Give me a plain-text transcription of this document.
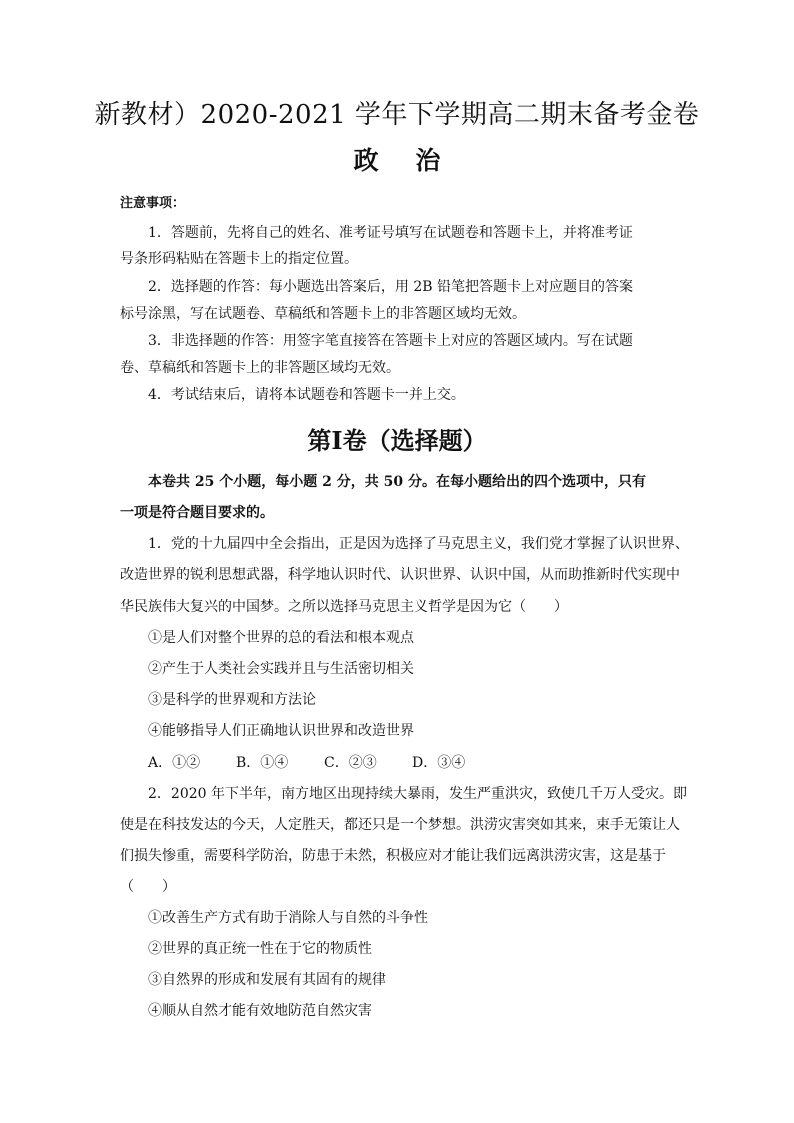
新教材）2020-2021 学年下学期高二期末备考金卷
政 治
注意事项：
1．答题前，先将自己的姓名、准考证号填写在试题卷和答题卡上，并将准考证
号条形码粘贴在答题卡上的指定位置。
2．选择题的作答：每小题选出答案后，用 2B 铅笔把答题卡上对应题目的答案
标号涂黑，写在试题卷、草稿纸和答题卡上的非答题区域均无效。
3．非选择题的作答：用签字笔直接答在答题卡上对应的答题区域内。写在试题
卷、草稿纸和答题卡上的非答题区域均无效。
4．考试结束后，请将本试题卷和答题卡一并上交。
第Ⅰ卷（选择题）
本卷共 25 个小题，每小题 2 分，共 50 分。在每小题给出的四个选项中，只有
一项是符合题目要求的。
1．党的十九届四中全会指出，正是因为选择了马克思主义，我们党才掌握了认识世界、
改造世界的锐利思想武器，科学地认识时代、认识世界、认识中国，从而助推新时代实现中
华民族伟大复兴的中国梦。之所以选择马克思主义哲学是因为它（　　）
①是人们对整个世界的总的看法和根本观点
②产生于人类社会实践并且与生活密切相关
③是科学的世界观和方法论
④能够指导人们正确地认识世界和改造世界
A．①②	B．①④	C．②③	D．③④
2．2020 年下半年，南方地区出现持续大暴雨，发生严重洪灾，致使几千万人受灾。即
使是在科技发达的今天，人定胜天，都还只是一个梦想。洪涝灾害突如其来，束手无策让人
们损失惨重，需要科学防治，防患于未然，积极应对才能让我们远离洪涝灾害，这是基于
（　　）
①改善生产方式有助于消除人与自然的斗争性
②世界的真正统一性在于它的物质性
③自然界的形成和发展有其固有的规律
④顺从自然才能有效地防范自然灾害
